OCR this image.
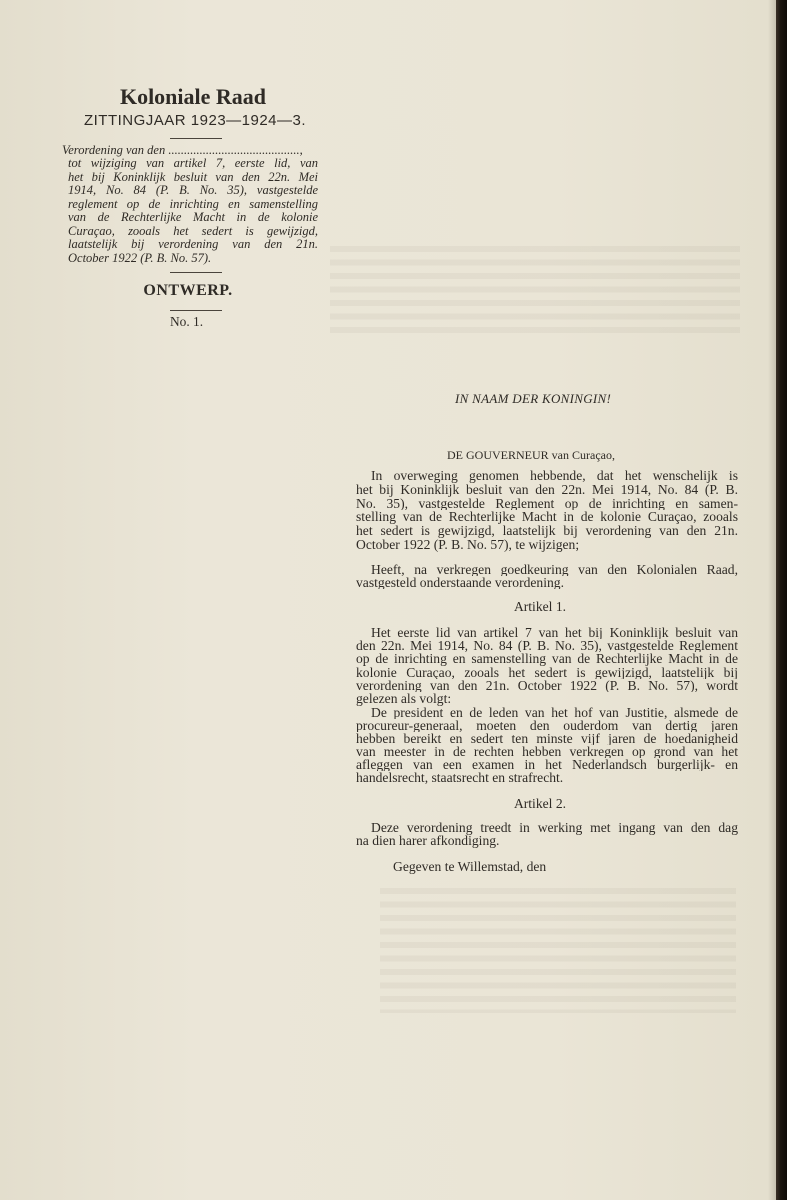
Koloniale Raad
ZITTINGJAAR 1923—1924—3.
Verordening van den ..........................................,
tot wijziging van artikel 7, eerste lid, van
het bij Koninklijk besluit van den 22n. Mei
1914, No. 84 (P. B. No. 35), vastgestelde
reglement op de inrichting en samenstelling
van de Rechterlijke Macht in de kolonie
Curaçao, zooals het sedert is gewijzigd,
laatstelijk bij verordening van den 21n.
October 1922 (P. B. No. 57).
ONTWERP.
No. 1.
IN NAAM DER KONINGIN!
DE GOUVERNEUR van Curaçao,
In overweging genomen hebbende, dat het wenschelijk is
het bij Koninklijk besluit van den 22n. Mei 1914, No. 84 (P. B.
No. 35), vastgestelde Reglement op de inrichting en samen-
stelling van de Rechterlijke Macht in de kolonie Curaçao, zooals
het sedert is gewijzigd, laatstelijk bij verordening van den 21n.
October 1922 (P. B. No. 57), te wijzigen;
Heeft, na verkregen goedkeuring van den Kolonialen Raad,
vastgesteld onderstaande verordening.
Artikel 1.
Het eerste lid van artikel 7 van het bij Koninklijk besluit van
den 22n. Mei 1914, No. 84 (P. B. No. 35), vastgestelde Reglement
op de inrichting en samenstelling van de Rechterlijke Macht in de
kolonie Curaçao, zooals het sedert is gewijzigd, laatstelijk bij
verordening van den 21n. October 1922 (P. B. No. 57), wordt
gelezen als volgt:
De president en de leden van het hof van Justitie, alsmede de
procureur-generaal, moeten den ouderdom van dertig jaren
hebben bereikt en sedert ten minste vijf jaren de hoedanigheid
van meester in de rechten hebben verkregen op grond van het
afleggen van een examen in het Nederlandsch burgerlijk- en
handelsrecht, staatsrecht en strafrecht.
Artikel 2.
Deze verordening treedt in werking met ingang van den dag
na dien harer afkondiging.
Gegeven te Willemstad, den
